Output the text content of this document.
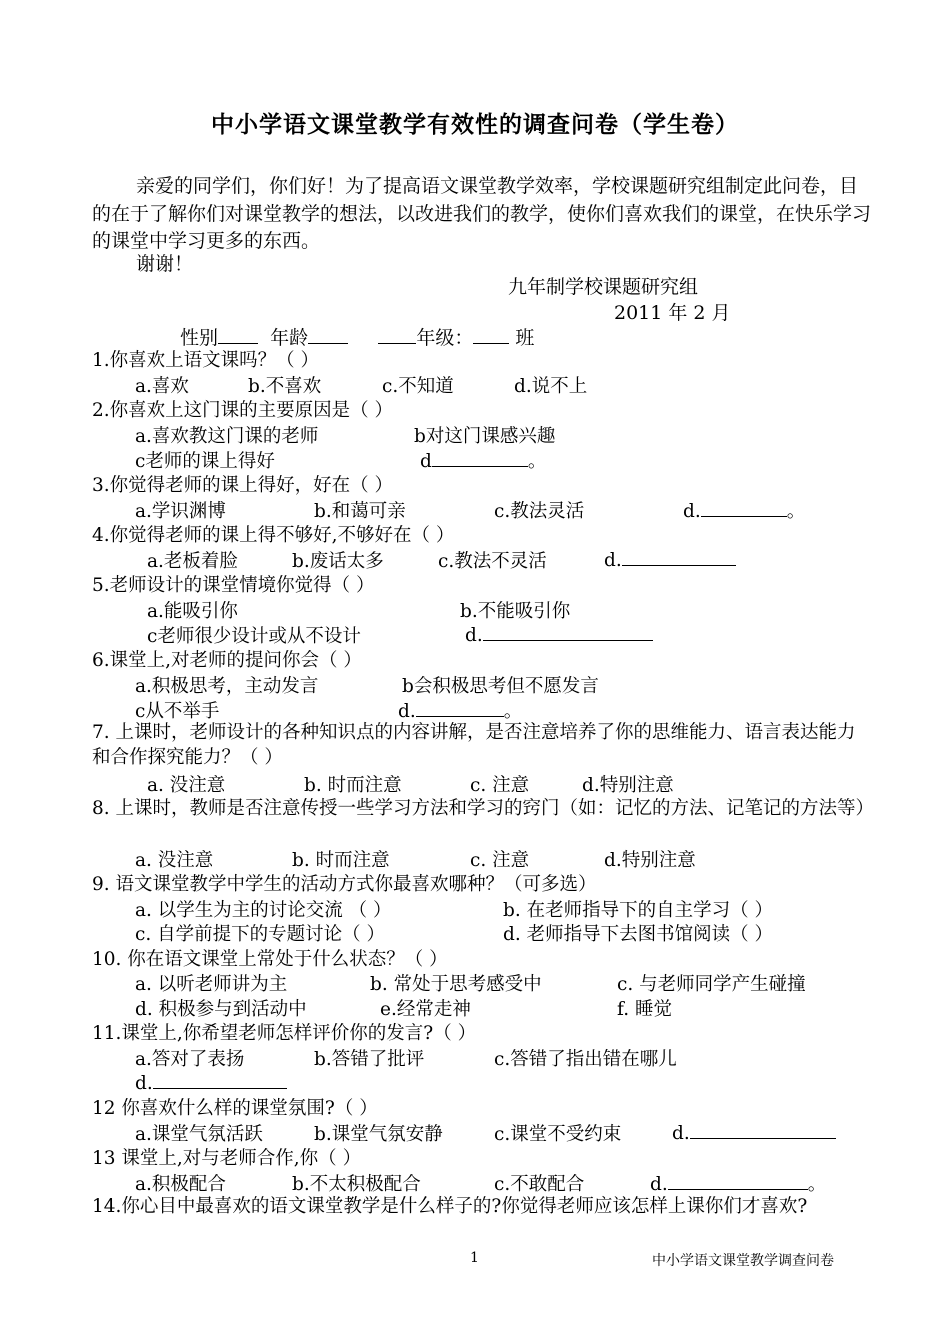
中小学语文课堂教学有效性的调查问卷（学生卷）

亲爱的同学们，你们好！为了提高语文课堂教学效率，学校课题研究组制定此问卷，目的在于了解你们对课堂教学的想法，以改进我们的教学，使你们喜欢我们的课堂，在快乐学习的课堂中学习更多的东西。

谢谢！
九年制学校课题研究组
2011 年 2 月
性别	年龄	年级： 班
1.你喜欢上语文课吗？（ ）
a.喜欢	b.不喜欢	c.不知道	d.说不上
2.你喜欢上这门课的主要原因是（ ）
a.喜欢教这门课的老师	b对这门课感兴趣
c老师的课上得好	d	。
3.你觉得老师的课上得好，好在（ ）
a.学识渊博	b.和蔼可亲	c.教法灵活	d.	。
4.你觉得老师的课上得不够好,不够好在（ ）
a.老板着脸	b.废话太多	c.教法不灵活	d.
5.老师设计的课堂情境你觉得（ ）
a.能吸引你	b.不能吸引你
c老师很少设计或从不设计	d.
6.课堂上,对老师的提问你会（ ）
a.积极思考，主动发言	b会积极思考但不愿发言
c从不举手	d.	。
7. 上课时，老师设计的各种知识点的内容讲解，是否注意培养了你的思维能力、语言表达能力和合作探究能力？（ ）
a. 没注意	b. 时而注意	c. 注意	d.特别注意
8. 上课时，教师是否注意传授一些学习方法和学习的窍门（如：记忆的方法、记笔记的方法等）
a. 没注意	b. 时而注意	c. 注意	d.特别注意
9. 语文课堂教学中学生的活动方式你最喜欢哪种？（可多选）
a. 以学生为主的讨论交流 （ ）	b. 在老师指导下的自主学习（ ）
c. 自学前提下的专题讨论（ ）	d. 老师指导下去图书馆阅读（ ）
10. 你在语文课堂上常处于什么状态？（ ）
a. 以听老师讲为主	b. 常处于思考感受中	c. 与老师同学产生碰撞
d. 积极参与到活动中	e.经常走神	f. 睡觉
11.课堂上,你希望老师怎样评价你的发言?（ ）
a.答对了表扬	b.答错了批评	c.答错了指出错在哪儿
d.
12 你喜欢什么样的课堂氛围?（ ）
a.课堂气氛活跃	b.课堂气氛安静	c.课堂不受约束	d.
13 课堂上,对与老师合作,你（ ）
a.积极配合	b.不太积极配合	c.不敢配合	d.	。
14.你心目中最喜欢的语文课堂教学是什么样子的?你觉得老师应该怎样上课你们才喜欢?
1	中小学语文课堂教学调查问卷
